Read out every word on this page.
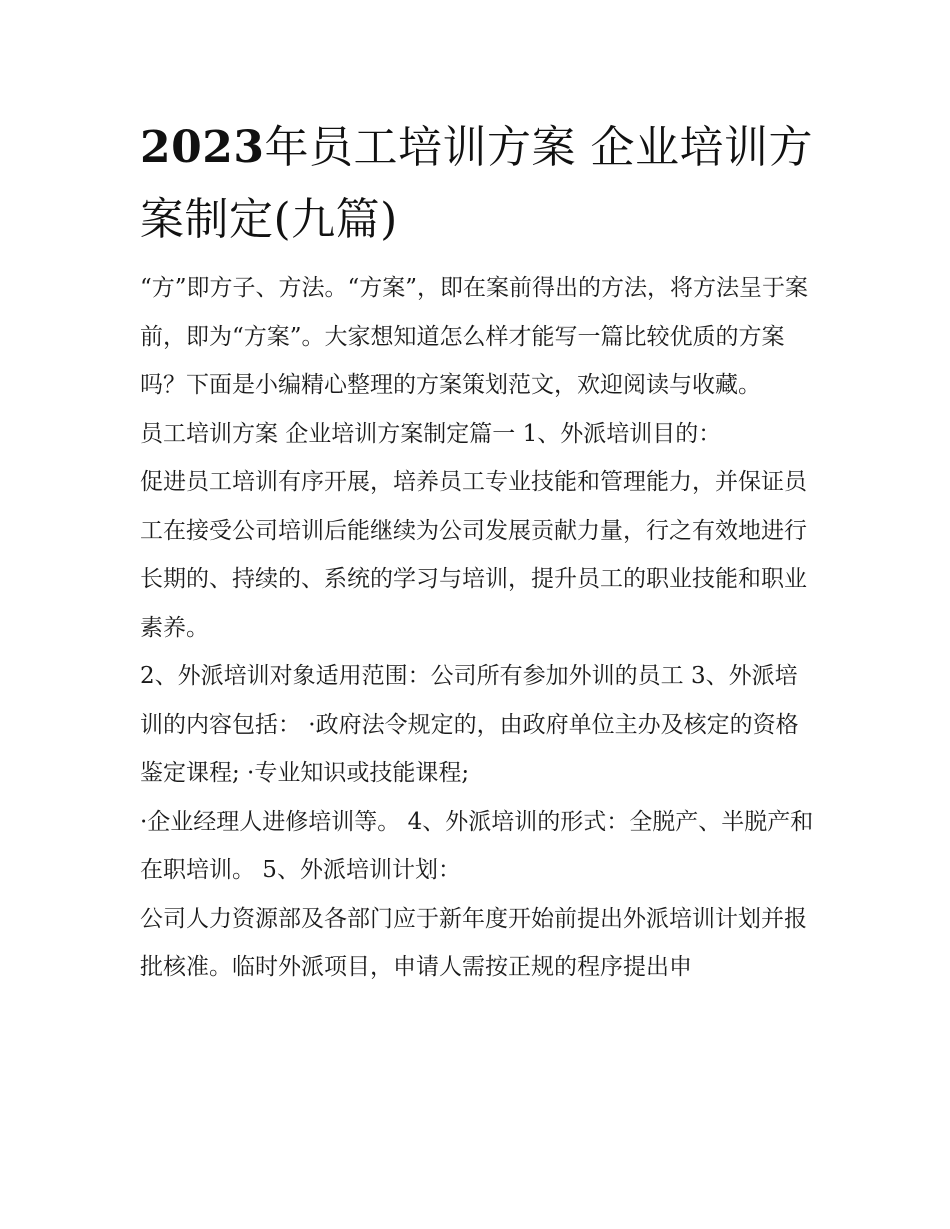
2023年员工培训方案 企业培训方案制定(九篇)

“方”即方子、方法。“方案”，即在案前得出的方法，将方法呈于案前，即为“方案”。大家想知道怎么样才能写一篇比较优质的方案吗？下面是小编精心整理的方案策划范文，欢迎阅读与收藏。

员工培训方案 企业培训方案制定篇一 1、外派培训目的：

促进员工培训有序开展，培养员工专业技能和管理能力，并保证员工在接受公司培训后能继续为公司发展贡献力量，行之有效地进行长期的、持续的、系统的学习与培训，提升员工的职业技能和职业素养。

2、外派培训对象适用范围：公司所有参加外训的员工 3、外派培训的内容包括： ·政府法令规定的，由政府单位主办及核定的资格鉴定课程; ·专业知识或技能课程;

·企业经理人进修培训等。 4、外派培训的形式：全脱产、半脱产和在职培训。 5、外派培训计划：

公司人力资源部及各部门应于新年度开始前提出外派培训计划并报批核准。临时外派项目，申请人需按正规的程序提出申
